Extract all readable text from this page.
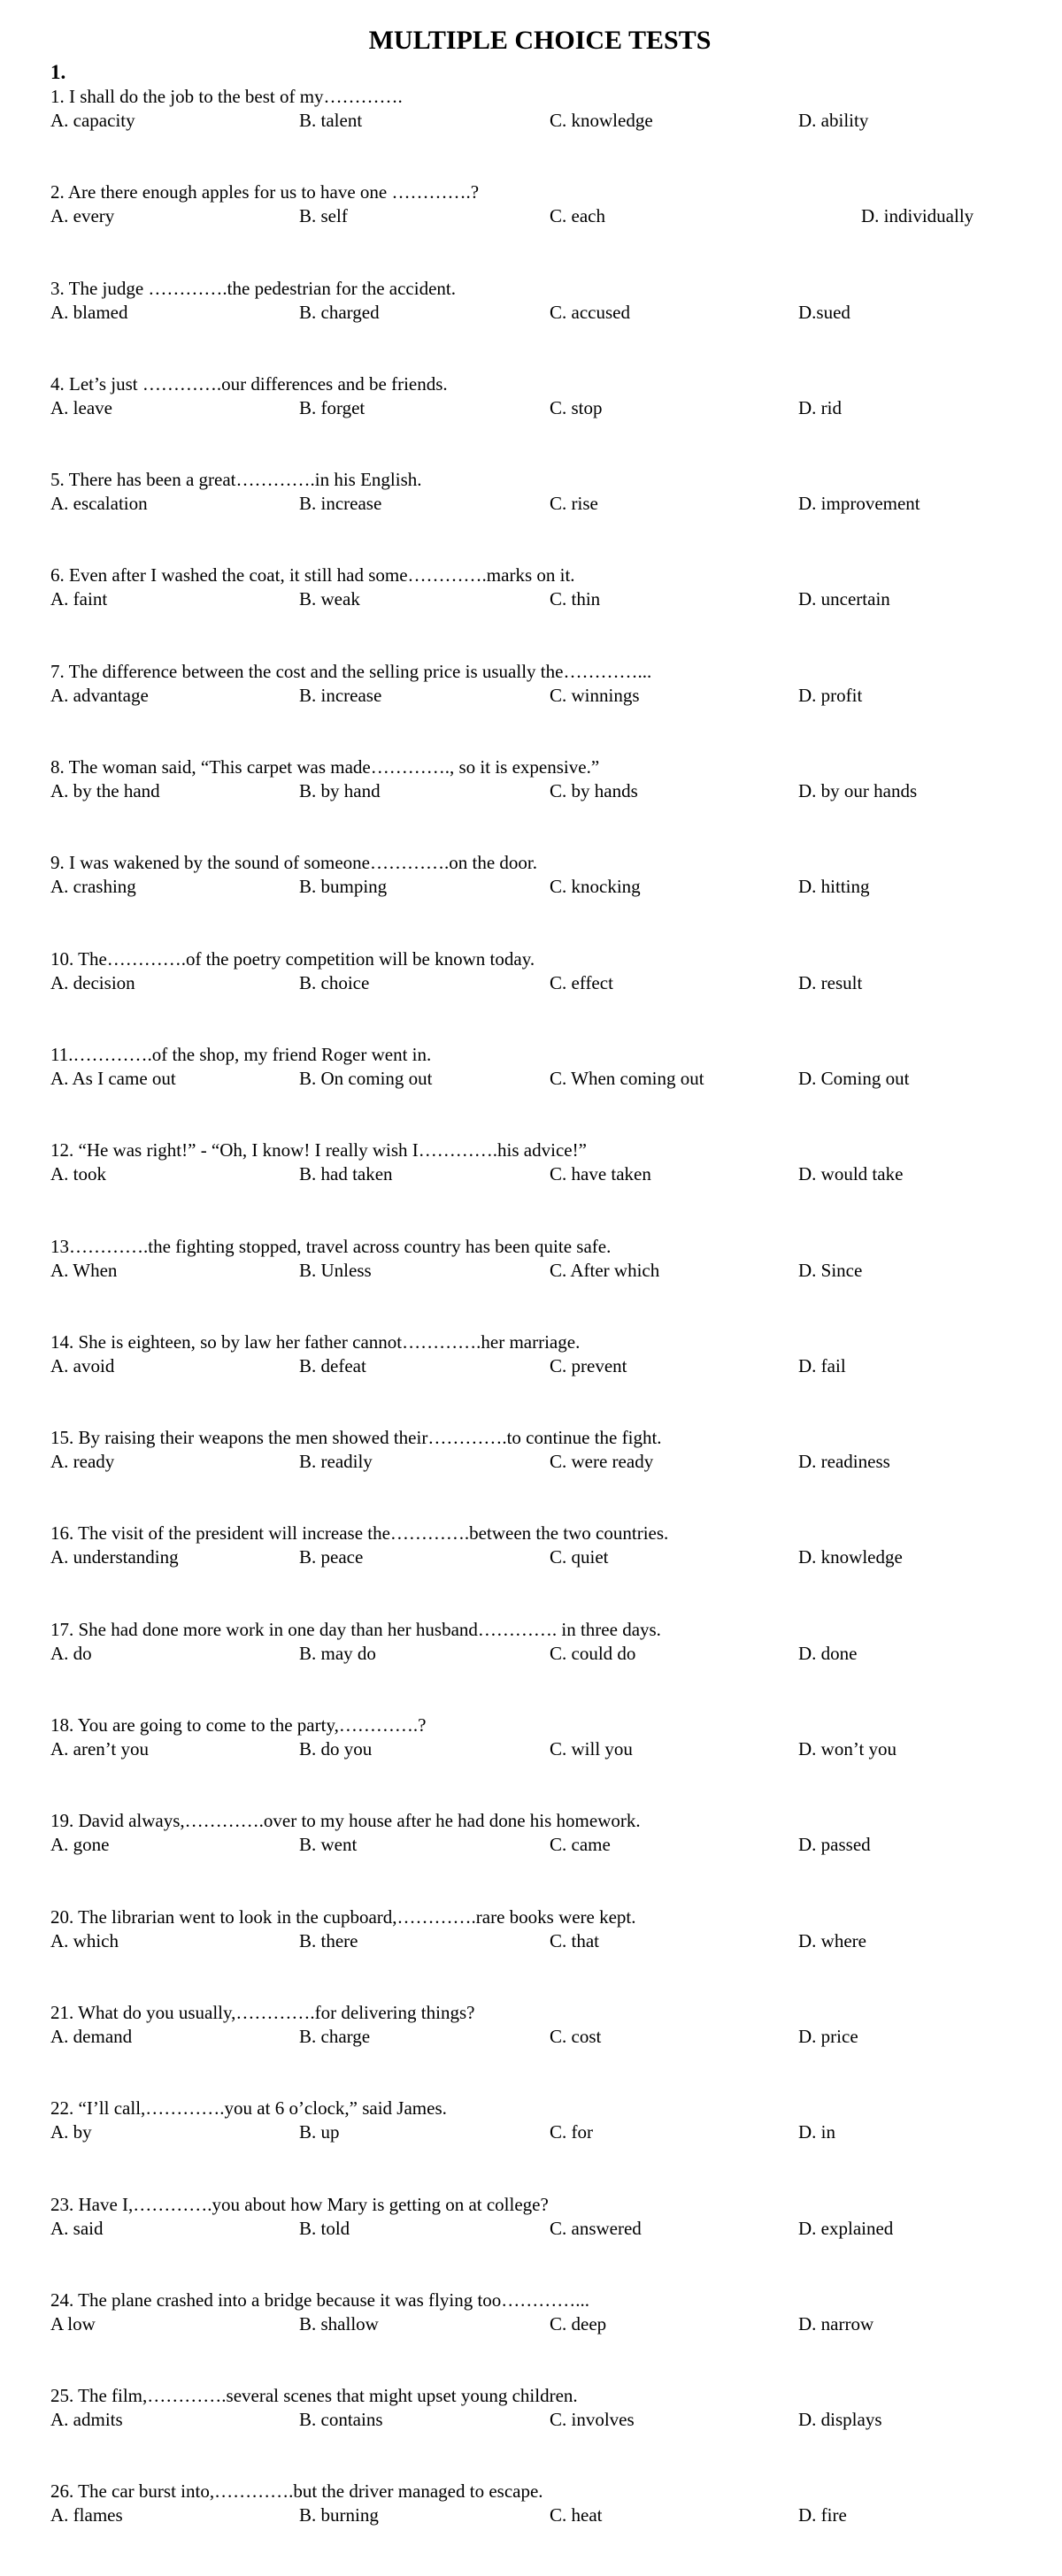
MULTIPLE CHOICE TESTS
1.
1. I shall do the job to the best of my………….
A. capacity	B. talent	C. knowledge	D. ability
2. Are there enough apples for us to have one ………….?
A. every	B. self	C. each	D. individually
3. The judge ………….the pedestrian for the accident.
A. blamed	B. charged	C. accused	D.sued
4. Let’s just ………….our differences and be friends.
A. leave	B. forget	C. stop	D. rid
5. There has been a great………….in his English.
A. escalation	B. increase	C. rise	D. improvement
6. Even after I washed the coat, it still had some………….marks on it.
A. faint	B. weak	C. thin	D. uncertain
7. The difference between the cost and the selling price is usually the…………...
A. advantage	B. increase	C. winnings	D. profit
8. The woman said, “This carpet was made…………., so it is expensive.”
A. by the hand	B. by hand	C. by hands	D. by our hands
9. I was wakened by the sound of someone………….on the door.
A. crashing	B. bumping	C. knocking	D. hitting
10. The………….of the poetry competition will be known today.
A. decision	B. choice	C. effect	D. result
11.………….of the shop, my friend Roger went in.
A. As I came out	B. On coming out	C. When coming out	D. Coming out
12. “He was right!” - “Oh, I know! I really wish I………….his advice!”
A. took	B. had taken	C. have taken	D. would take
13………….the fighting stopped, travel across country has been quite safe.
A. When	B. Unless	C. After which	D. Since
14. She is eighteen, so by law her father cannot………….her marriage.
A. avoid	B. defeat	C. prevent	D. fail
15. By raising their weapons the men showed their………….to continue the fight.
A. ready	B. readily	C. were ready	D. readiness
16. The visit of the president will increase the………….between the two countries.
A. understanding	B. peace	C. quiet	D. knowledge
17. She had done more work in one day than her husband…………. in three days.
A. do	B. may do	C. could do	D. done
18. You are going to come to the party,………….?
A. aren’t you	B. do you	C. will you	D. won’t you
19. David always,………….over to my house after he had done his homework.
A. gone	B. went	C. came	D. passed
20. The librarian went to look in the cupboard,………….rare books were kept.
A. which	B. there	C. that	D. where
21. What do you usually,………….for delivering things?
A. demand	B. charge	C. cost	D. price
22. “I’ll call,………….you at 6 o’clock,” said James.
A. by	B. up	C. for	D. in
23. Have I,………….you about how Mary is getting on at college?
A. said	B. told	C. answered	D. explained
24. The plane crashed into a bridge because it was flying too…………...
A low	B. shallow	C. deep	D. narrow
25. The film,………….several scenes that might upset young children.
A. admits	B. contains	C. involves	D. displays
26. The car burst into,………….but the driver managed to escape.
A. flames	B. burning	C. heat	D. fire
